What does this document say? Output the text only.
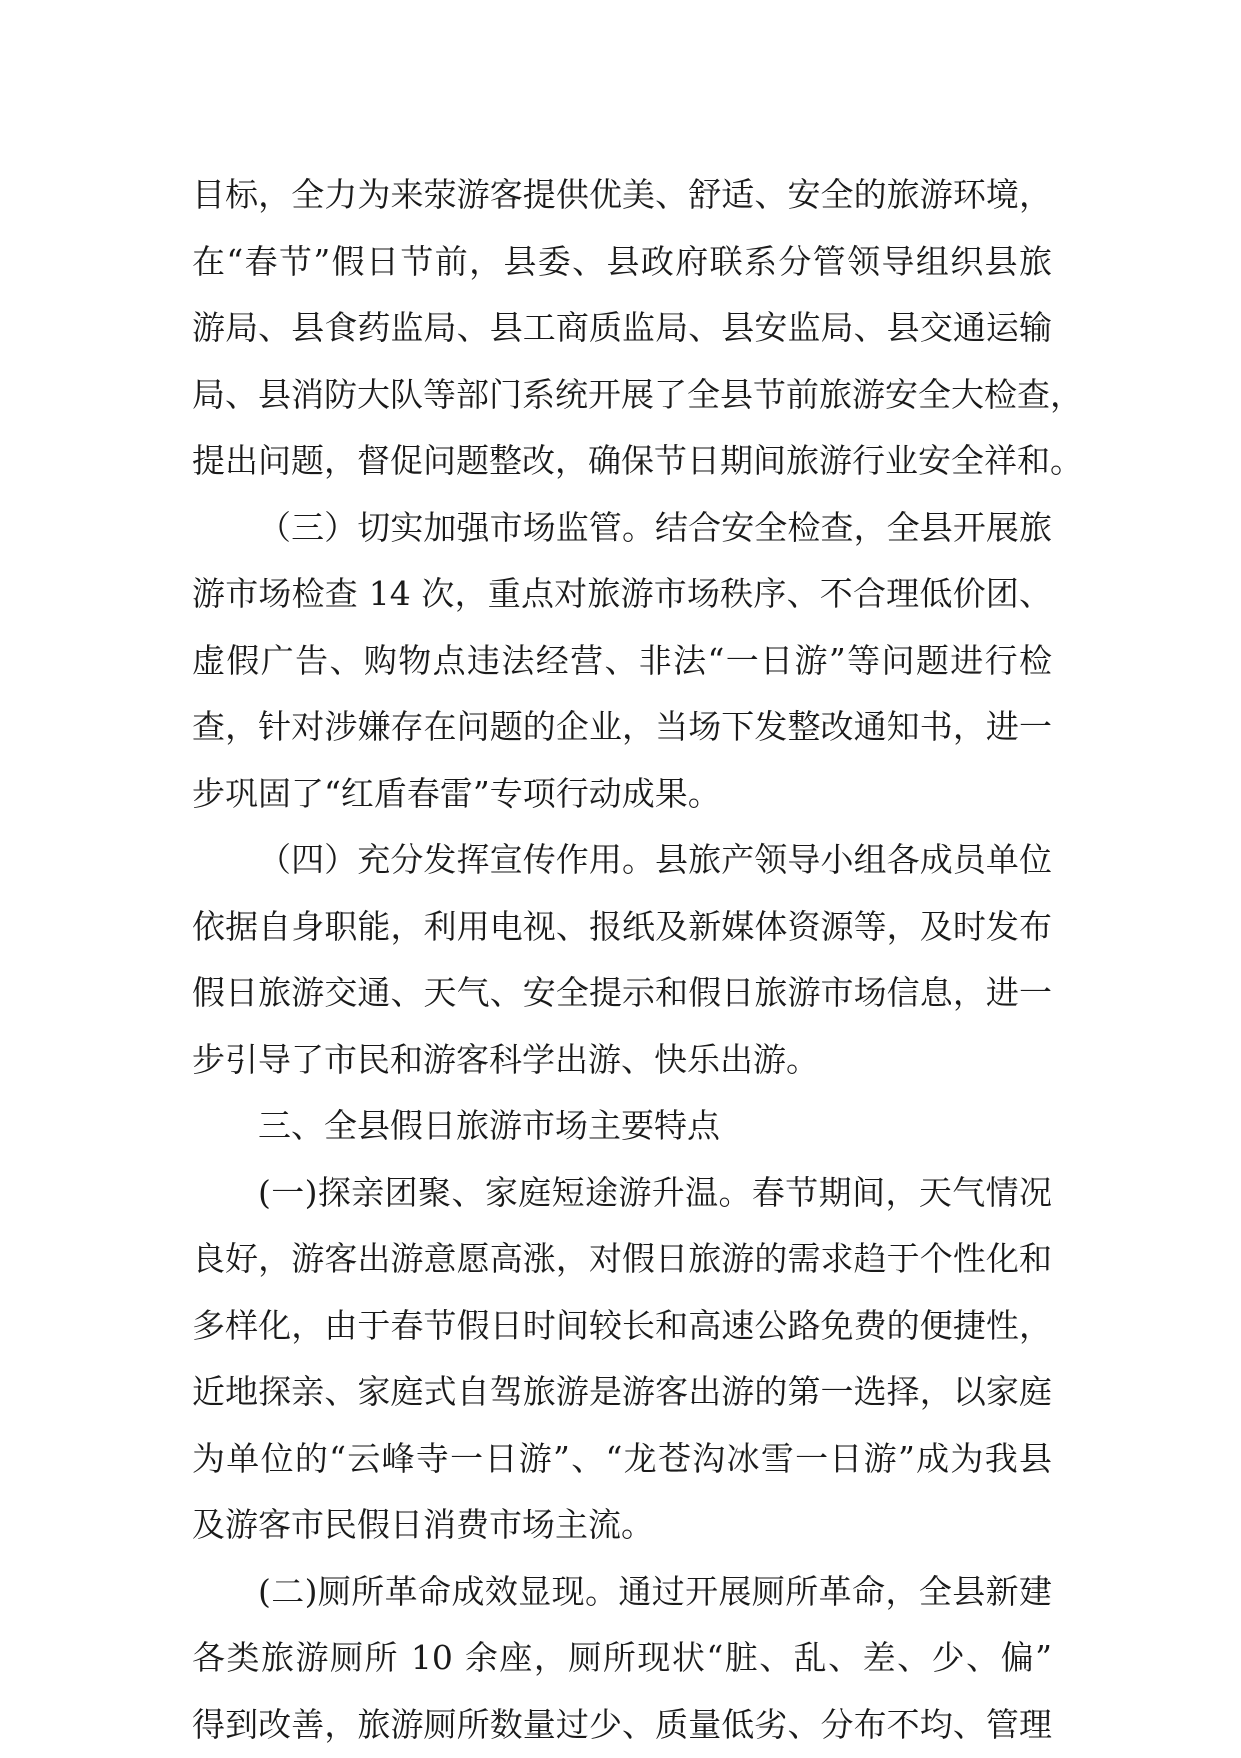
目标，全力为来荥游客提供优美、舒适、安全的旅游环境，
在“春节”假日节前，县委、县政府联系分管领导组织县旅
游局、县食药监局、县工商质监局、县安监局、县交通运输
局、县消防大队等部门系统开展了全县节前旅游安全大检查，
提出问题，督促问题整改，确保节日期间旅游行业安全祥和。
（三）切实加强市场监管。结合安全检查，全县开展旅
游市场检查 14 次，重点对旅游市场秩序、不合理低价团、
虚假广告、购物点违法经营、非法“一日游”等问题进行检
查，针对涉嫌存在问题的企业，当场下发整改通知书，进一
步巩固了“红盾春雷”专项行动成果。
（四）充分发挥宣传作用。县旅产领导小组各成员单位
依据自身职能，利用电视、报纸及新媒体资源等，及时发布
假日旅游交通、天气、安全提示和假日旅游市场信息，进一
步引导了市民和游客科学出游、快乐出游。
三、全县假日旅游市场主要特点
(一)探亲团聚、家庭短途游升温。春节期间，天气情况
良好，游客出游意愿高涨，对假日旅游的需求趋于个性化和
多样化，由于春节假日时间较长和高速公路免费的便捷性，
近地探亲、家庭式自驾旅游是游客出游的第一选择，以家庭
为单位的“云峰寺一日游”、“龙苍沟冰雪一日游”成为我县
及游客市民假日消费市场主流。
(二)厕所革命成效显现。通过开展厕所革命，全县新建
各类旅游厕所 10 余座，厕所现状“脏、乱、差、少、偏”
得到改善，旅游厕所数量过少、质量低劣、分布不均、管理
